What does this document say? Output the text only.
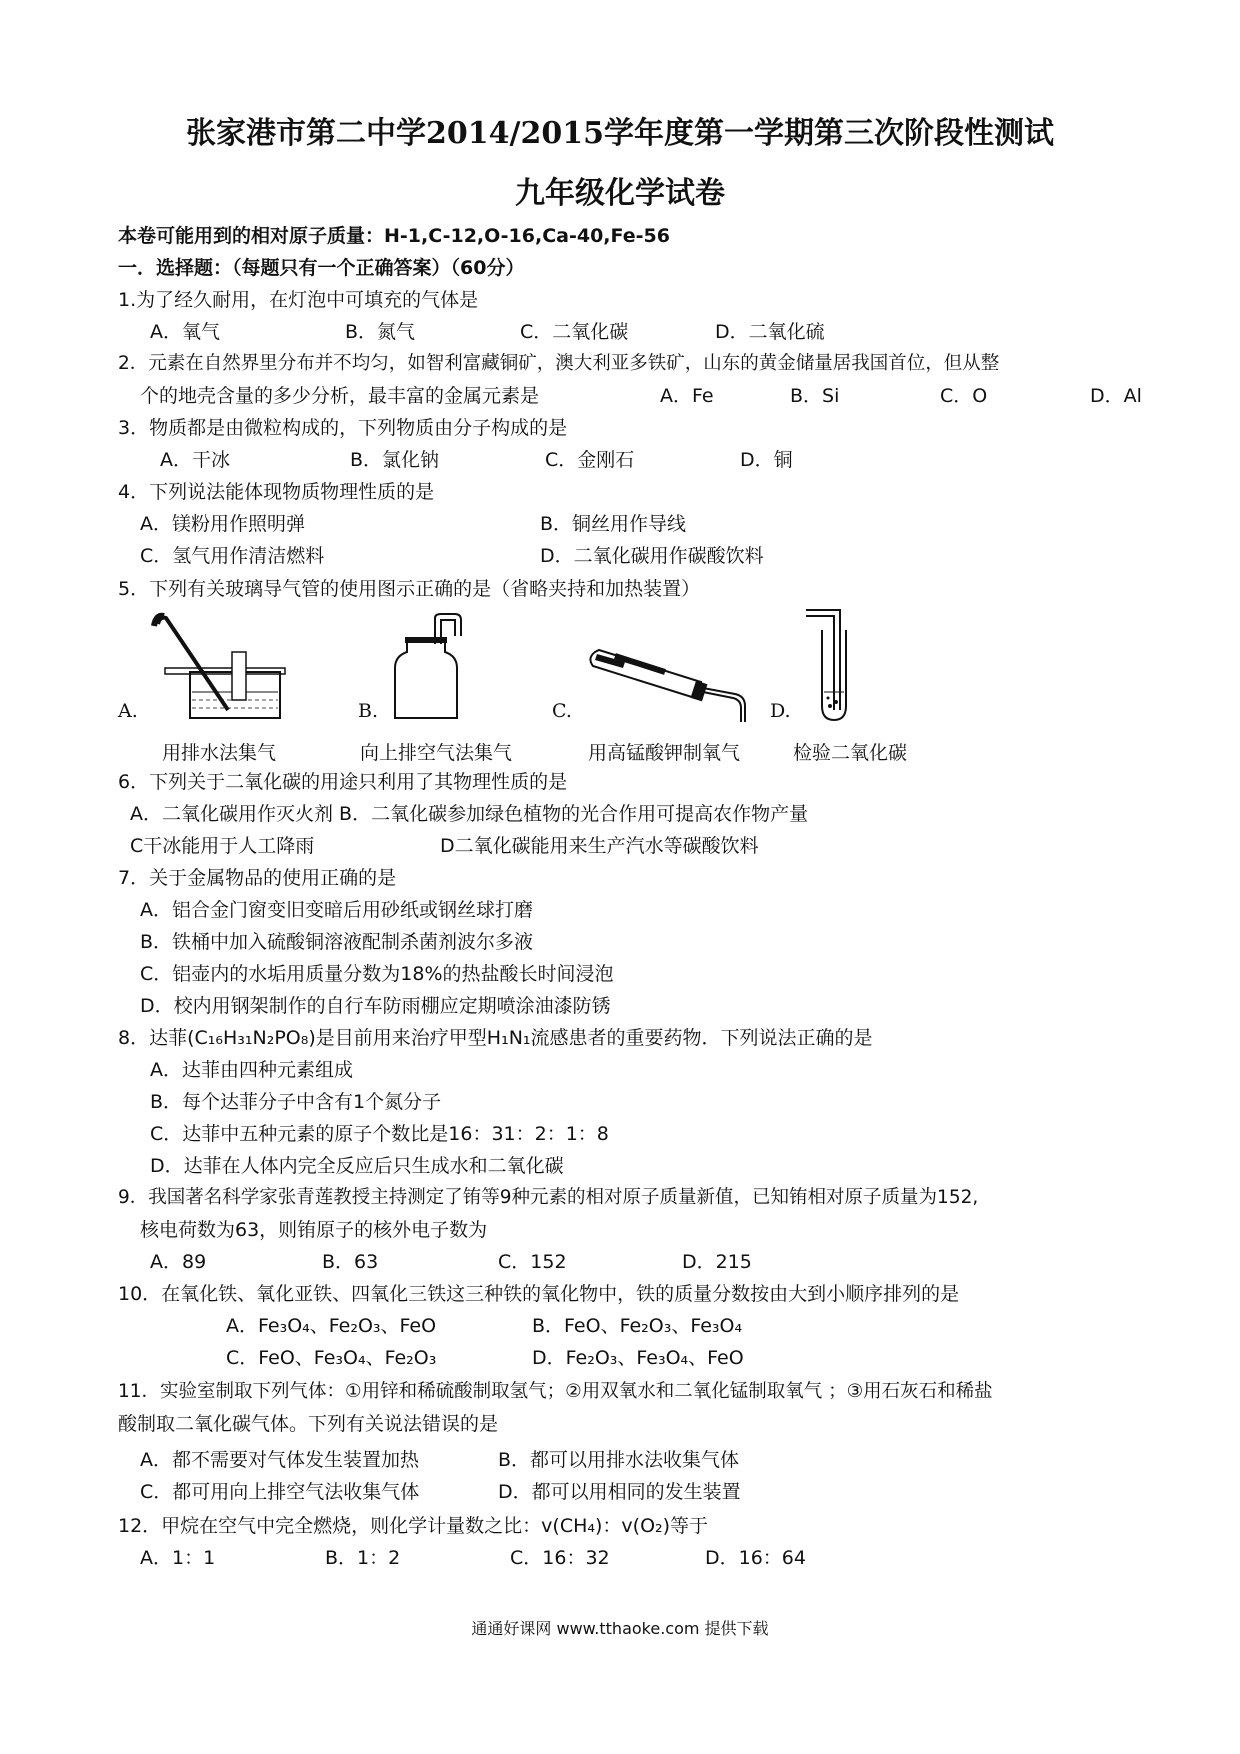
张家港市第二中学2014/2015学年度第一学期第三次阶段性测试
九年级化学试卷
本卷可能用到的相对原子质量：H-1,C-12,O-16,Ca-40,Fe-56
一．选择题：（每题只有一个正确答案）（60分）
1.为了经久耐用，在灯泡中可填充的气体是
A．氧气	B．氮气	C．二氧化碳	D．二氧化硫
2．元素在自然界里分布并不均匀，如智利富藏铜矿，澳大利亚多铁矿，山东的黄金储量居我国首位，但从整
个的地壳含量的多少分析，最丰富的金属元素是	A．Fe	B．Si	C．O	D．Al
3．物质都是由微粒构成的，下列物质由分子构成的是
A．干冰	B．氯化钠	C．金刚石	D．铜
4．下列说法能体现物质物理性质的是
A．镁粉用作照明弹	B．铜丝用作导线
C．氢气用作清洁燃料	D．二氧化碳用作碳酸饮料
5．下列有关玻璃导气管的使用图示正确的是（省略夹持和加热装置）
A.	B.	C.	D.
用排水法集气	向上排空气法集气	用高锰酸钾制氧气	检验二氧化碳
6．下列关于二氧化碳的用途只利用了其物理性质的是
A．二氧化碳用作灭火剂 B．二氧化碳参加绿色植物的光合作用可提高农作物产量
C干冰能用于人工降雨	D二氧化碳能用来生产汽水等碳酸饮料
7．关于金属物品的使用正确的是
A．铝合金门窗变旧变暗后用砂纸或钢丝球打磨
B．铁桶中加入硫酸铜溶液配制杀菌剂波尔多液
C．铝壶内的水垢用质量分数为18%的热盐酸长时间浸泡
D．校内用钢架制作的自行车防雨棚应定期喷涂油漆防锈
8．达菲(C₁₆H₃₁N₂PO₈)是目前用来治疗甲型H₁N₁流感患者的重要药物．下列说法正确的是
A．达菲由四种元素组成
B．每个达菲分子中含有1个氮分子
C．达菲中五种元素的原子个数比是16：31：2：1：8
D．达菲在人体内完全反应后只生成水和二氧化碳
9．我国著名科学家张青莲教授主持测定了铕等9种元素的相对原子质量新值，已知铕相对原子质量为152,
核电荷数为63，则铕原子的核外电子数为
A．89	B．63	C．152	D．215
10．在氧化铁、氧化亚铁、四氧化三铁这三种铁的氧化物中，铁的质量分数按由大到小顺序排列的是
A．Fe₃O₄、Fe₂O₃、FeO	B．FeO、Fe₂O₃、Fe₃O₄
C．FeO、Fe₃O₄、Fe₂O₃	D．Fe₂O₃、Fe₃O₄、FeO
11．实验室制取下列气体：①用锌和稀硫酸制取氢气；②用双氧水和二氧化锰制取氧气 ；③用石灰石和稀盐
酸制取二氧化碳气体。下列有关说法错误的是
A．都不需要对气体发生装置加热	B．都可以用排水法收集气体
C．都可用向上排空气法收集气体	D．都可以用相同的发生装置
12．甲烷在空气中完全燃烧，则化学计量数之比：v(CH₄)：v(O₂)等于
A．1：1	B．1：2	C．16：32	D．16：64
通通好课网 www.tthaoke.com 提供下载
